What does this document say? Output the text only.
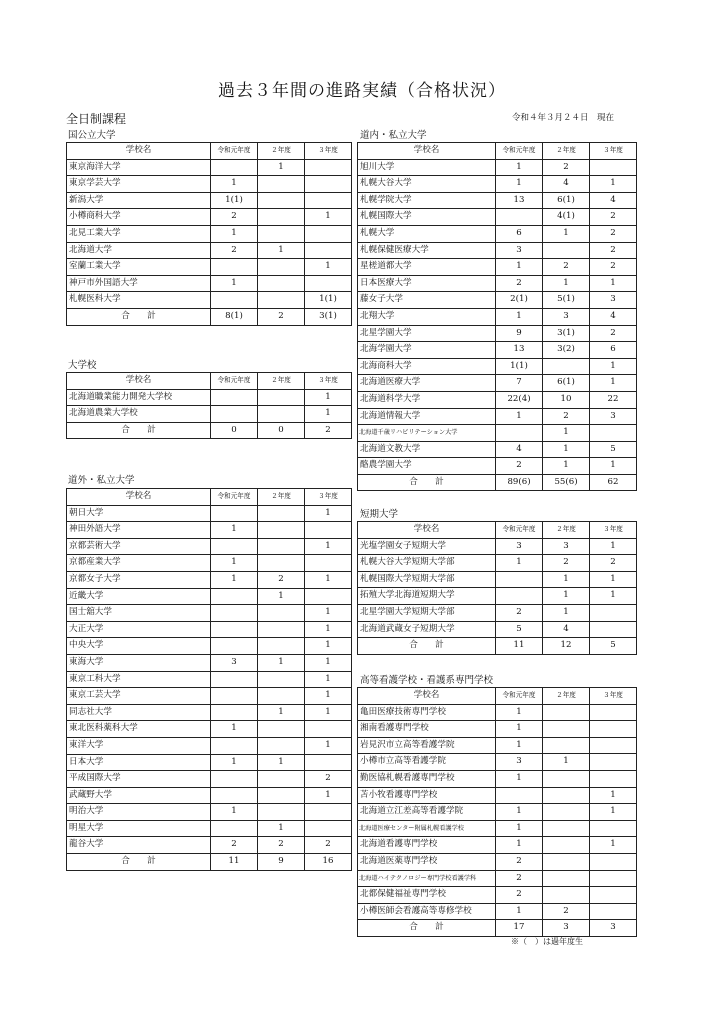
過去３年間の進路実績（合格状況）
全日制課程	令和４年３月２４日　現在
国公立大学
学校名	令和元年度	２年度	３年度
東京海洋大学		1	
東京学芸大学	1		
新潟大学	1(1)		
小樽商科大学	2		1
北見工業大学	1		
北海道大学	2	1	
室蘭工業大学			1
神戸市外国語大学	1		
札幌医科大学			1(1)
合　　計	8(1)	2	3(1)
大学校
学校名	令和元年度	２年度	３年度
北海道職業能力開発大学校			1
北海道農業大学校			1
合　　計	0	0	2
道外・私立大学
学校名	令和元年度	２年度	３年度
朝日大学			1
神田外語大学	1		
京都芸術大学			1
京都産業大学	1		
京都女子大学	1	2	1
近畿大学		1	
国士舘大学			1
大正大学			1
中央大学			1
東海大学	3	1	1
東京工科大学			1
東京工芸大学			1
同志社大学		1	1
東北医科薬科大学	1		
東洋大学			1
日本大学	1	1	
平成国際大学			2
武蔵野大学			1
明治大学	1		
明星大学		1	
龍谷大学	2	2	2
合　　計	11	9	16
道内・私立大学
学校名	令和元年度	２年度	３年度
旭川大学	1	2	
札幌大谷大学	1	4	1
札幌学院大学	13	6(1)	4
札幌国際大学		4(1)	2
札幌大学	6	1	2
札幌保健医療大学	3		2
星槎道都大学	1	2	2
日本医療大学	2	1	1
藤女子大学	2(1)	5(1)	3
北翔大学	1	3	4
北星学園大学	9	3(1)	2
北海学園大学	13	3(2)	6
北海商科大学	1(1)		1
北海道医療大学	7	6(1)	1
北海道科学大学	22(4)	10	22
北海道情報大学	1	2	3
北海道千歳リハビリテーション大学		1	
北海道文教大学	4	1	5
酪農学園大学	2	1	1
合　　計	89(6)	55(6)	62
短期大学
学校名	令和元年度	２年度	３年度
光塩学園女子短期大学	3	3	1
札幌大谷大学短期大学部	1	2	2
札幌国際大学短期大学部		1	1
拓殖大学北海道短期大学		1	1
北星学園大学短期大学部	2	1	
北海道武蔵女子短期大学	5	4	
合　　計	11	12	5
高等看護学校・看護系専門学校
学校名	令和元年度	２年度	３年度
亀田医療技術専門学校	1		
湘南看護専門学校	1		
岩見沢市立高等看護学院	1		
小樽市立高等看護学院	3	1	
勤医協札幌看護専門学校	1		
苫小牧看護専門学校			1
北海道立江差高等看護学院	1		1
北海道医療センター附属札幌看護学校	1		
北海道看護専門学校	1		1
北海道医薬専門学校	2		
北海道ハイテクノロジー専門学校看護学科	2		
北都保健福祉専門学校	2		
小樽医師会看護高等専修学校	1	2	
合　　計	17	3	3
※（　）は過年度生
